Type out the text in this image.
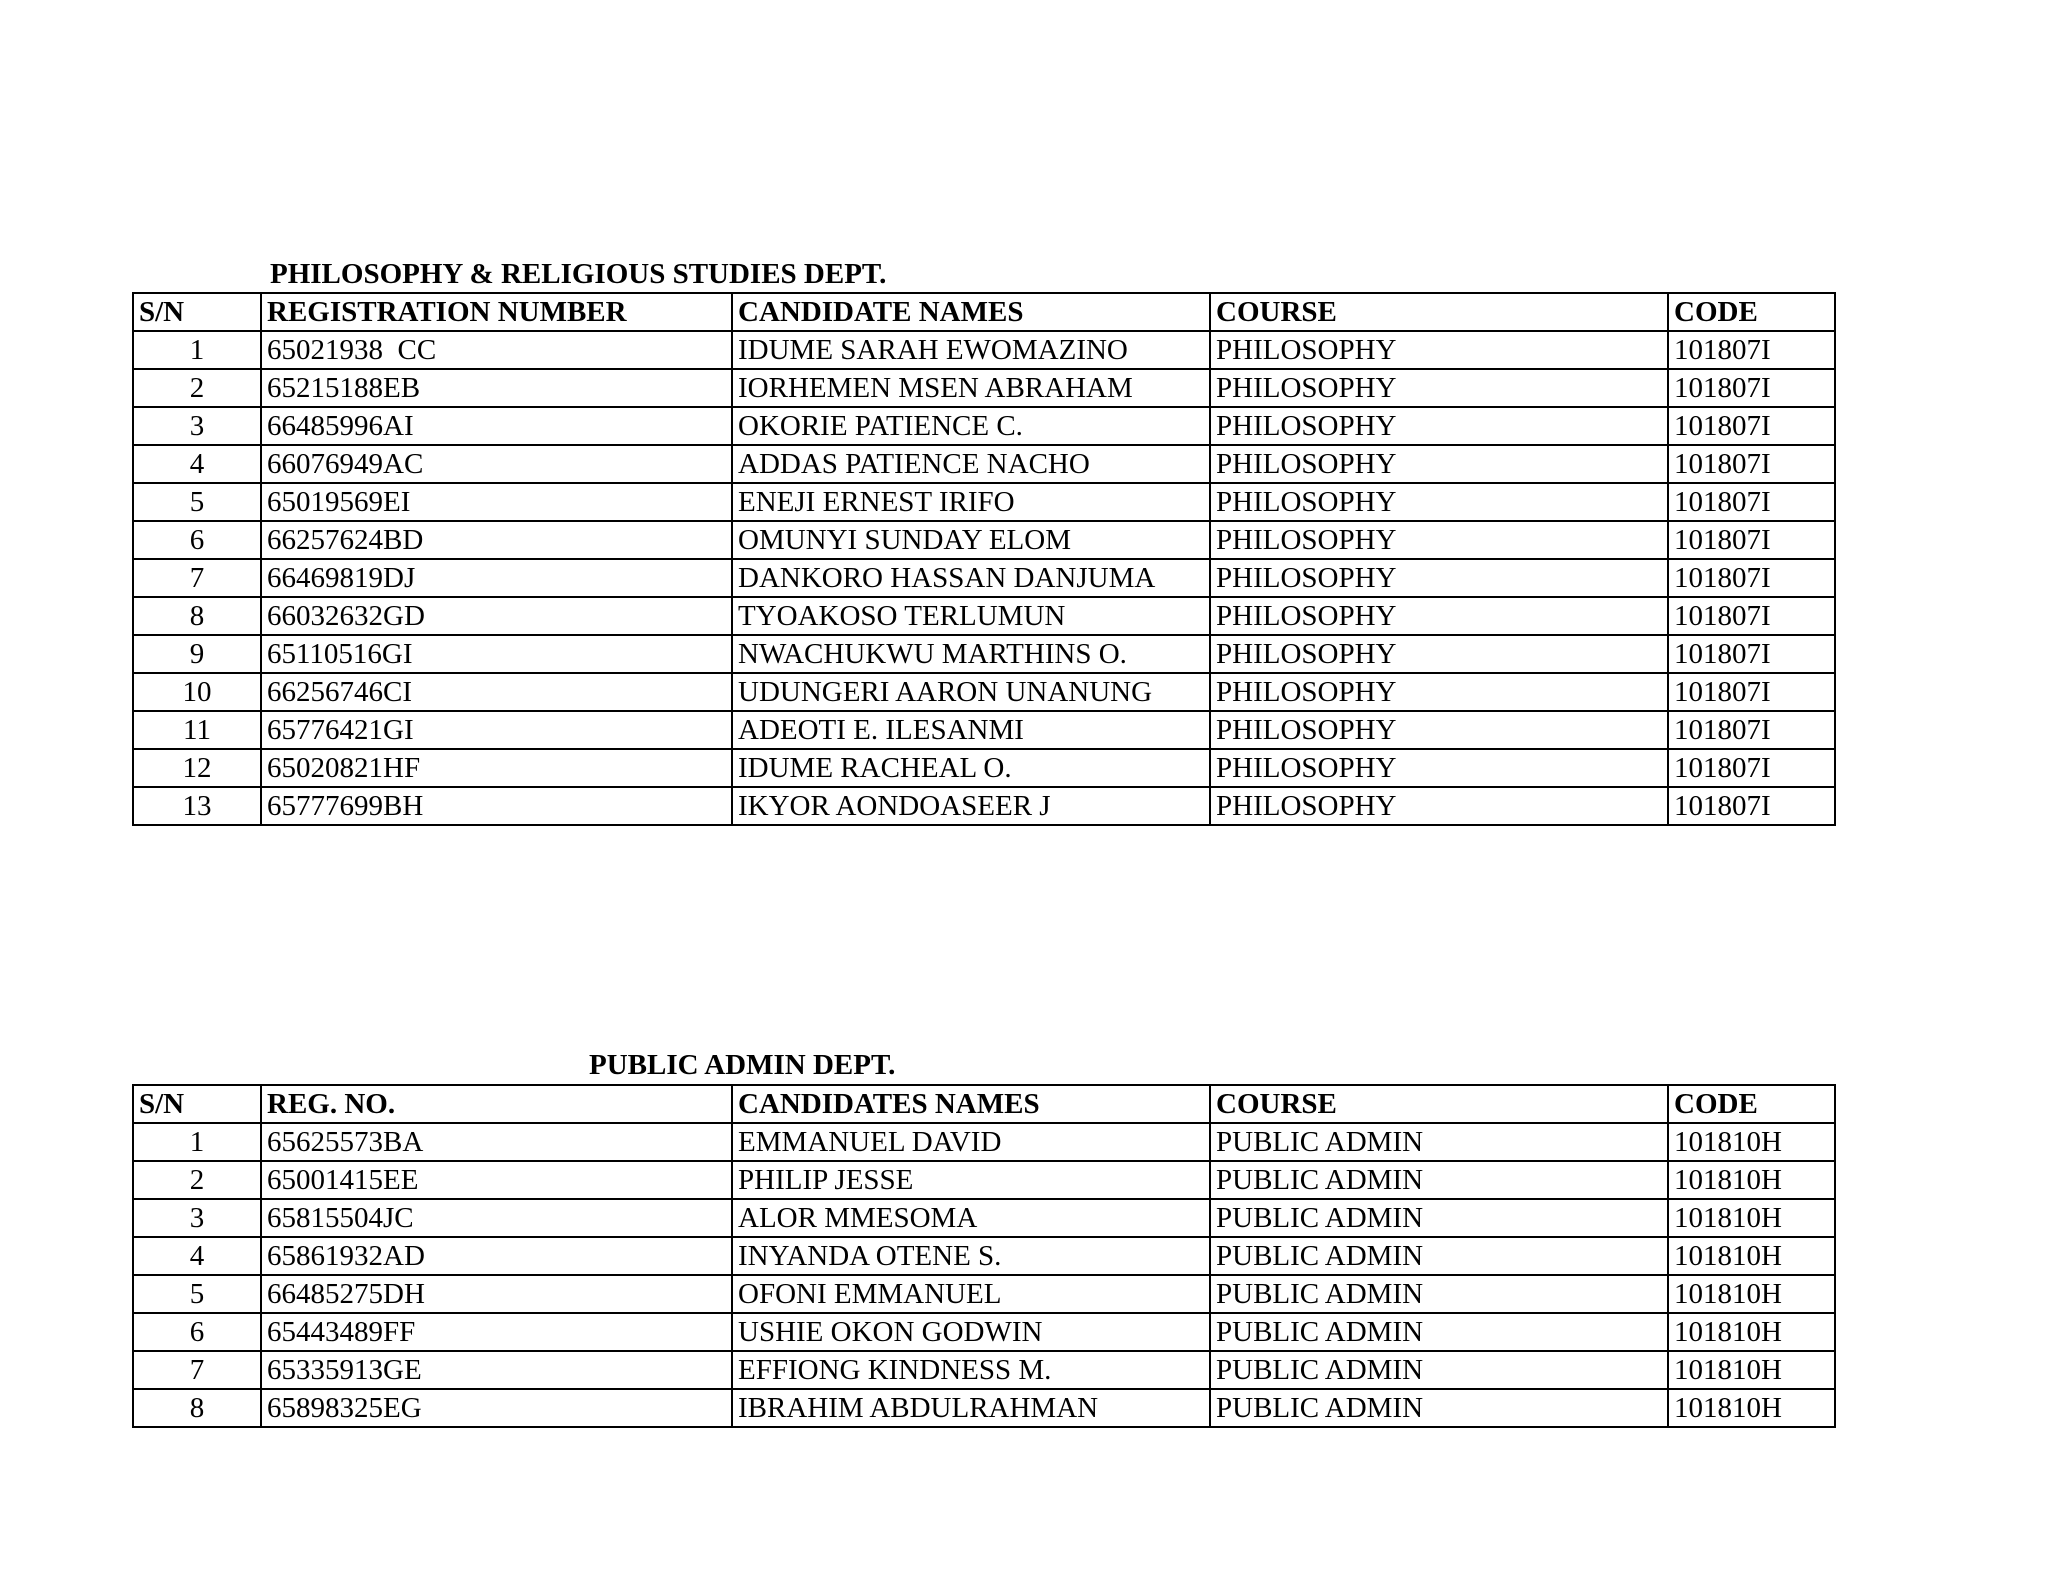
PHILOSOPHY & RELIGIOUS STUDIES DEPT.
S/N	REGISTRATION NUMBER	CANDIDATE NAMES	COURSE	CODE
1	65021938  CC	IDUME SARAH EWOMAZINO	PHILOSOPHY	101807I
2	65215188EB	IORHEMEN MSEN ABRAHAM	PHILOSOPHY	101807I
3	66485996AI	OKORIE PATIENCE C.	PHILOSOPHY	101807I
4	66076949AC	ADDAS PATIENCE NACHO	PHILOSOPHY	101807I
5	65019569EI	ENEJI ERNEST IRIFO	PHILOSOPHY	101807I
6	66257624BD	OMUNYI SUNDAY ELOM	PHILOSOPHY	101807I
7	66469819DJ	DANKORO HASSAN DANJUMA	PHILOSOPHY	101807I
8	66032632GD	TYOAKOSO TERLUMUN	PHILOSOPHY	101807I
9	65110516GI	NWACHUKWU MARTHINS O.	PHILOSOPHY	101807I
10	66256746CI	UDUNGERI AARON UNANUNG	PHILOSOPHY	101807I
11	65776421GI	ADEOTI E. ILESANMI	PHILOSOPHY	101807I
12	65020821HF	IDUME RACHEAL O.	PHILOSOPHY	101807I
13	65777699BH	IKYOR AONDOASEER J	PHILOSOPHY	101807I
PUBLIC ADMIN DEPT.
S/N	REG. NO.	CANDIDATES NAMES	COURSE	CODE
1	65625573BA	EMMANUEL DAVID	PUBLIC ADMIN	101810H
2	65001415EE	PHILIP JESSE	PUBLIC ADMIN	101810H
3	65815504JC	ALOR MMESOMA	PUBLIC ADMIN	101810H
4	65861932AD	INYANDA OTENE S.	PUBLIC ADMIN	101810H
5	66485275DH	OFONI EMMANUEL	PUBLIC ADMIN	101810H
6	65443489FF	USHIE OKON GODWIN	PUBLIC ADMIN	101810H
7	65335913GE	EFFIONG KINDNESS M.	PUBLIC ADMIN	101810H
8	65898325EG	IBRAHIM ABDULRAHMAN	PUBLIC ADMIN	101810H
